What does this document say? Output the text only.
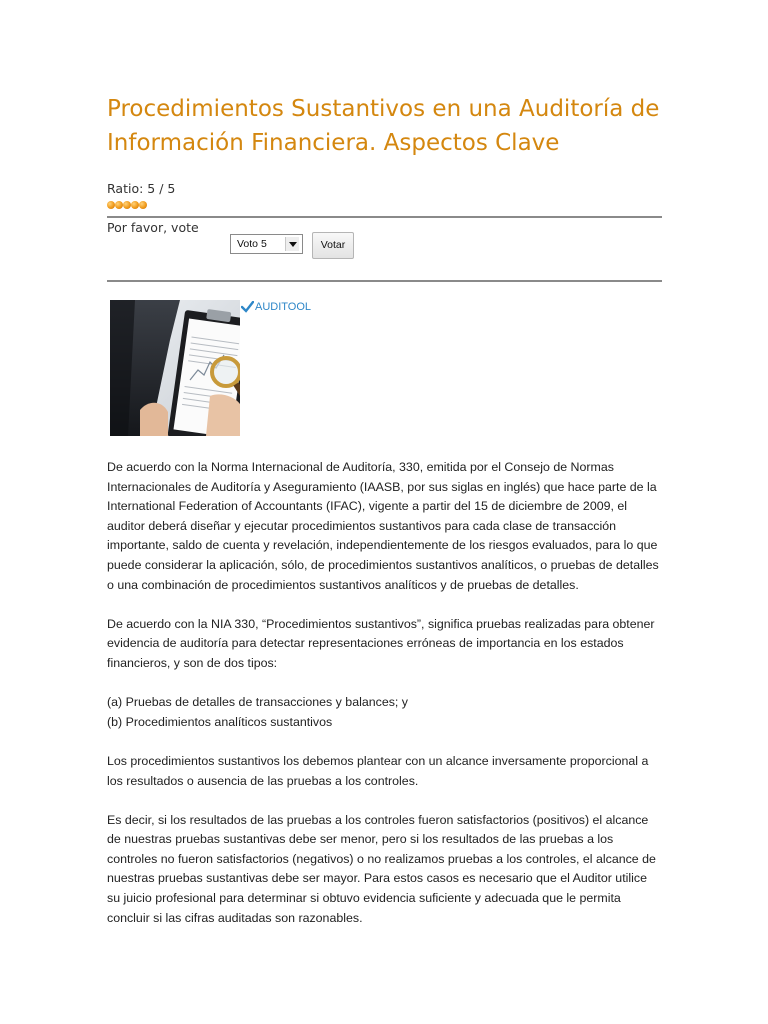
Procedimientos Sustantivos en una Auditoría de Información Financiera. Aspectos Clave
Ratio: 5 / 5
Por favor, vote
Voto 5	Votar
AUDITOOL

De acuerdo con la Norma Internacional de Auditoría, 330, emitida por el Consejo de Normas Internacionales de Auditoría y Aseguramiento (IAASB, por sus siglas en inglés) que hace parte de la International Federation of Accountants (IFAC), vigente a partir del 15 de diciembre de 2009, el auditor deberá diseñar y ejecutar procedimientos sustantivos para cada clase de transacción importante, saldo de cuenta y revelación, independientemente de los riesgos evaluados, para lo que puede considerar la aplicación, sólo, de procedimientos sustantivos analíticos, o pruebas de detalles o una combinación de procedimientos sustantivos analíticos y de pruebas de detalles.

De acuerdo con la NIA 330, “Procedimientos sustantivos”, significa pruebas realizadas para obtener evidencia de auditoría para detectar representaciones erróneas de importancia en los estados financieros, y son de dos tipos:

(a) Pruebas de detalles de transacciones y balances; y

(b) Procedimientos analíticos sustantivos

Los procedimientos sustantivos los debemos plantear con un alcance inversamente proporcional a los resultados o ausencia de las pruebas a los controles.

Es decir, si los resultados de las pruebas a los controles fueron satisfactorios (positivos) el alcance de nuestras pruebas sustantivas debe ser menor, pero si los resultados de las pruebas a los controles no fueron satisfactorios (negativos) o no realizamos pruebas a los controles, el alcance de nuestras pruebas sustantivas debe ser mayor. Para estos casos es necesario que el Auditor utilice su juicio profesional para determinar si obtuvo evidencia suficiente y adecuada que le permita concluir si las cifras auditadas son razonables.
